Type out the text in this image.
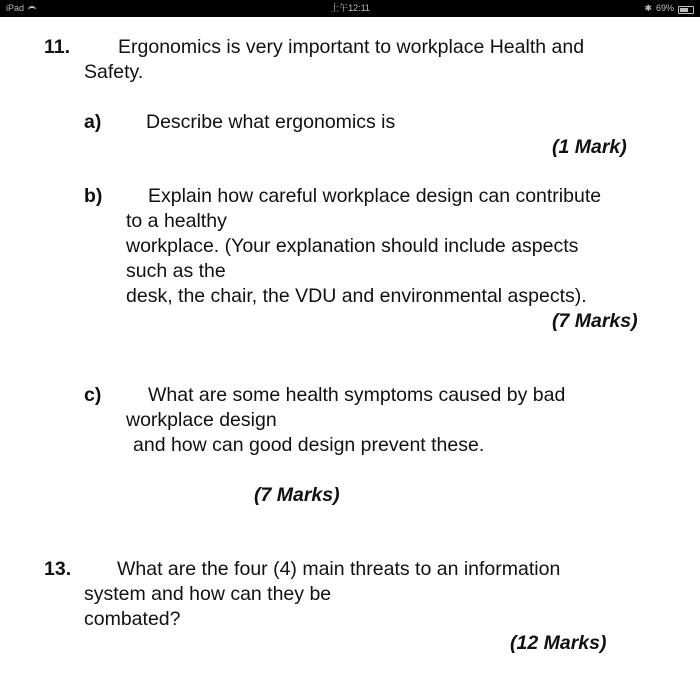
iPad	上午12:11	✱ 69%
11. Ergonomics is very important to workplace Health and
Safety.
a) Describe what ergonomics is
(1 Mark)
b) Explain how careful workplace design can contribute
to a healthy
workplace. (Your explanation should include aspects
such as the
desk, the chair, the VDU and environmental aspects).
(7 Marks)
c) What are some health symptoms caused by bad
workplace design
and how can good design prevent these.
(7 Marks)
13. What are the four (4) main threats to an information
system and how can they be
combated?
(12 Marks)
